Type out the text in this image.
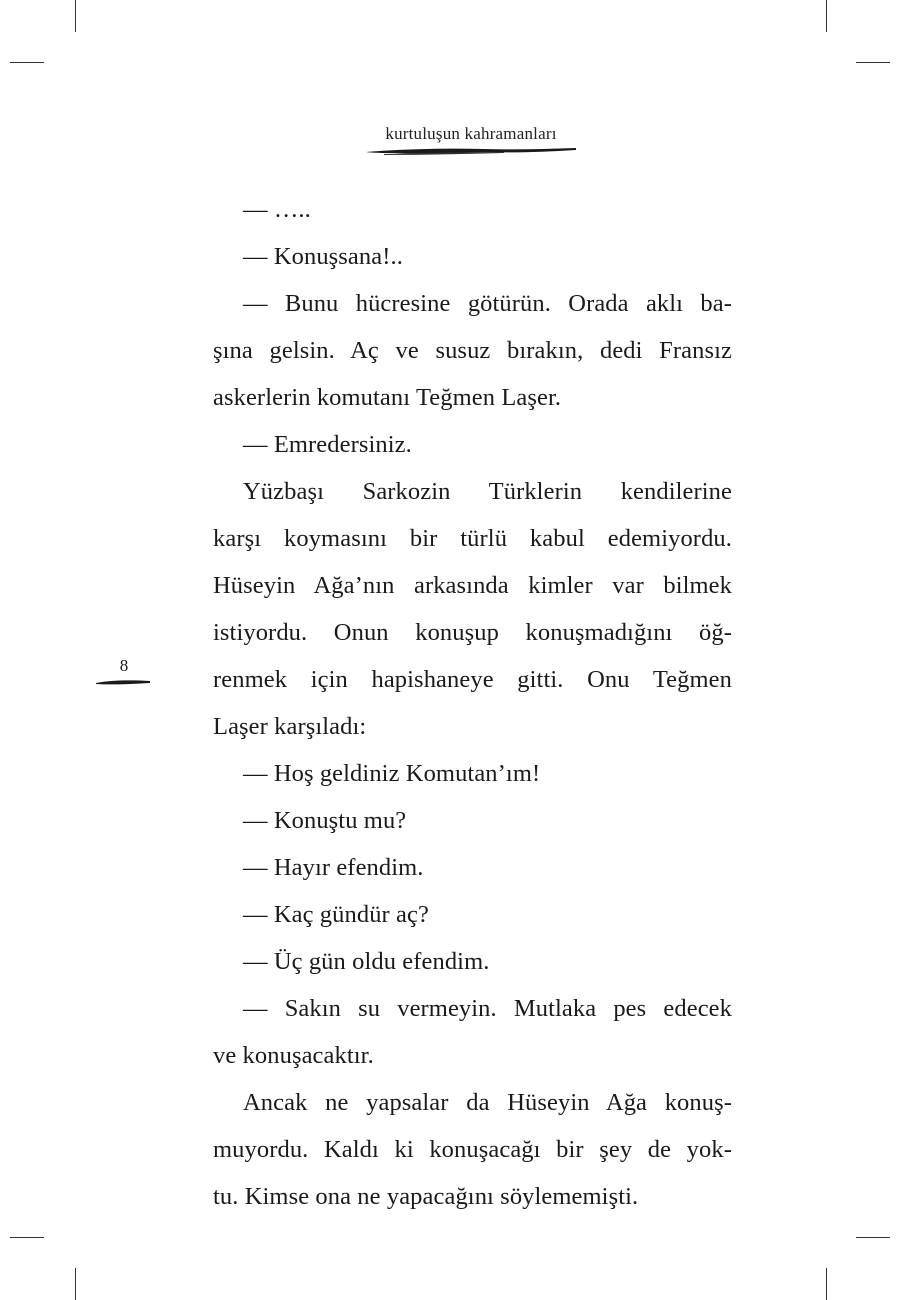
kurtuluşun kahramanları
8

— …..

— Konuşsana!..

— Bunu hücresine götürün. Orada aklı ba-
şına gelsin. Aç ve susuz bırakın, dedi Fransız
askerlerin komutanı Teğmen Laşer.

— Emredersiniz.

Yüzbaşı Sarkozin Türklerin kendilerine
karşı koymasını bir türlü kabul edemiyordu.
Hüseyin Ağa’nın arkasında kimler var bilmek
istiyordu. Onun konuşup konuşmadığını öğ-
renmek için hapishaneye gitti. Onu Teğmen
Laşer karşıladı:

— Hoş geldiniz Komutan’ım!

— Konuştu mu?

— Hayır efendim.

— Kaç gündür aç?

— Üç gün oldu efendim.

— Sakın su vermeyin. Mutlaka pes edecek
ve konuşacaktır.

Ancak ne yapsalar da Hüseyin Ağa konuş-
muyordu. Kaldı ki konuşacağı bir şey de yok-
tu. Kimse ona ne yapacağını söylememişti.
